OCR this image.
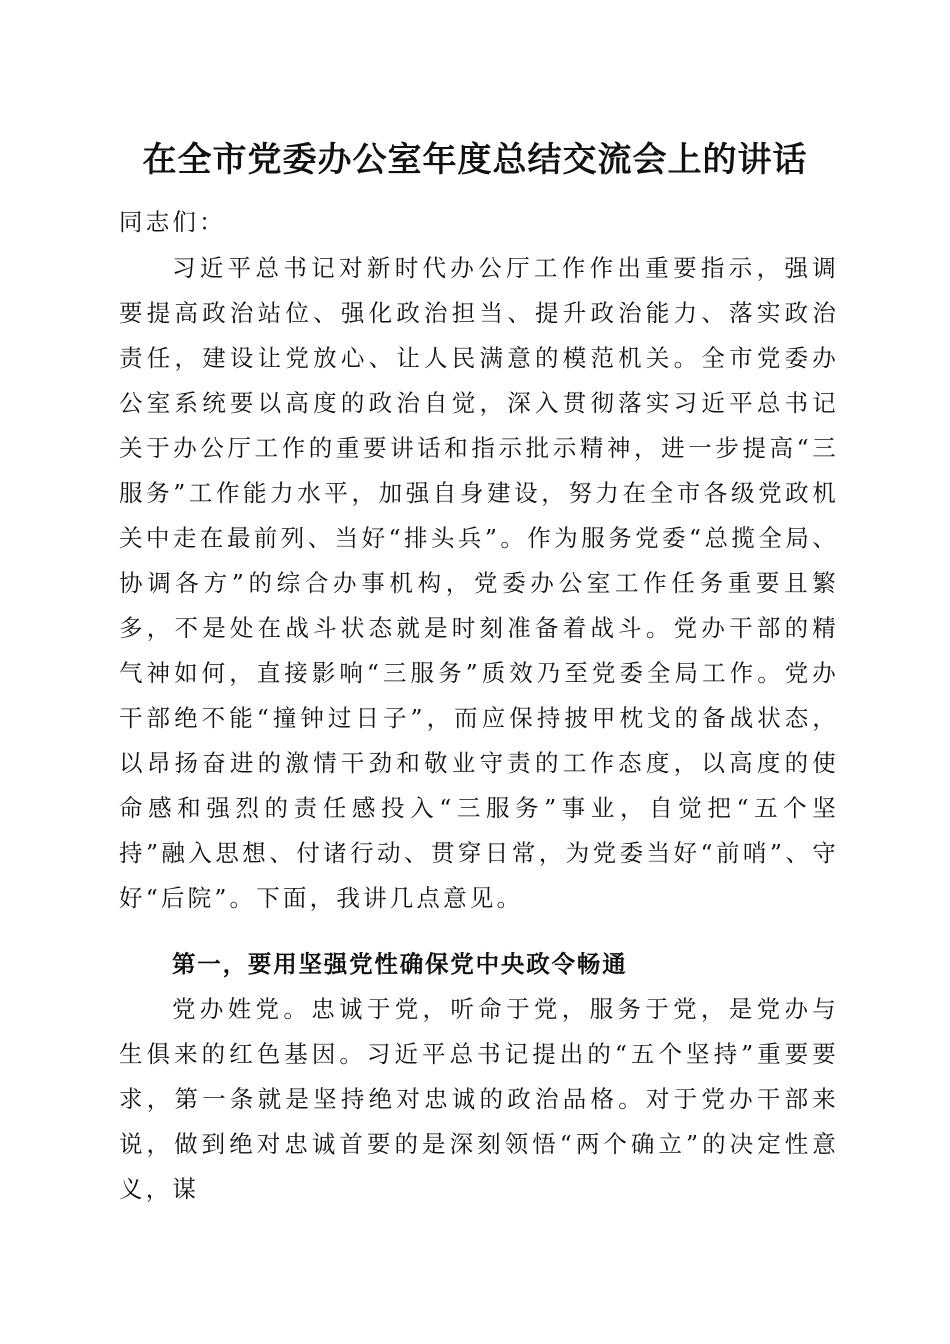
在全市党委办公室年度总结交流会上的讲话

同志们：

习近平总书记对新时代办公厅工作作出重要指示，强调要提高政治站位、强化政治担当、提升政治能力、落实政治责任，建设让党放心、让人民满意的模范机关。全市党委办公室系统要以高度的政治自觉，深入贯彻落实习近平总书记关于办公厅工作的重要讲话和指示批示精神，进一步提高“三服务”工作能力水平，加强自身建设，努力在全市各级党政机关中走在最前列、当好“排头兵”。作为服务党委“总揽全局、协调各方”的综合办事机构，党委办公室工作任务重要且繁多，不是处在战斗状态就是时刻准备着战斗。党办干部的精气神如何，直接影响“三服务”质效乃至党委全局工作。党办干部绝不能“撞钟过日子”，而应保持披甲枕戈的备战状态，以昂扬奋进的激情干劲和敬业守责的工作态度，以高度的使命感和强烈的责任感投入“三服务”事业，自觉把“五个坚持”融入思想、付诸行动、贯穿日常，为党委当好“前哨”、守好“后院”。下面，我讲几点意见。

第一，要用坚强党性确保党中央政令畅通

党办姓党。忠诚于党，听命于党，服务于党，是党办与生俱来的红色基因。习近平总书记提出的“五个坚持”重要要求，第一条就是坚持绝对忠诚的政治品格。对于党办干部来说，做到绝对忠诚首要的是深刻领悟“两个确立”的决定性意义，谋
